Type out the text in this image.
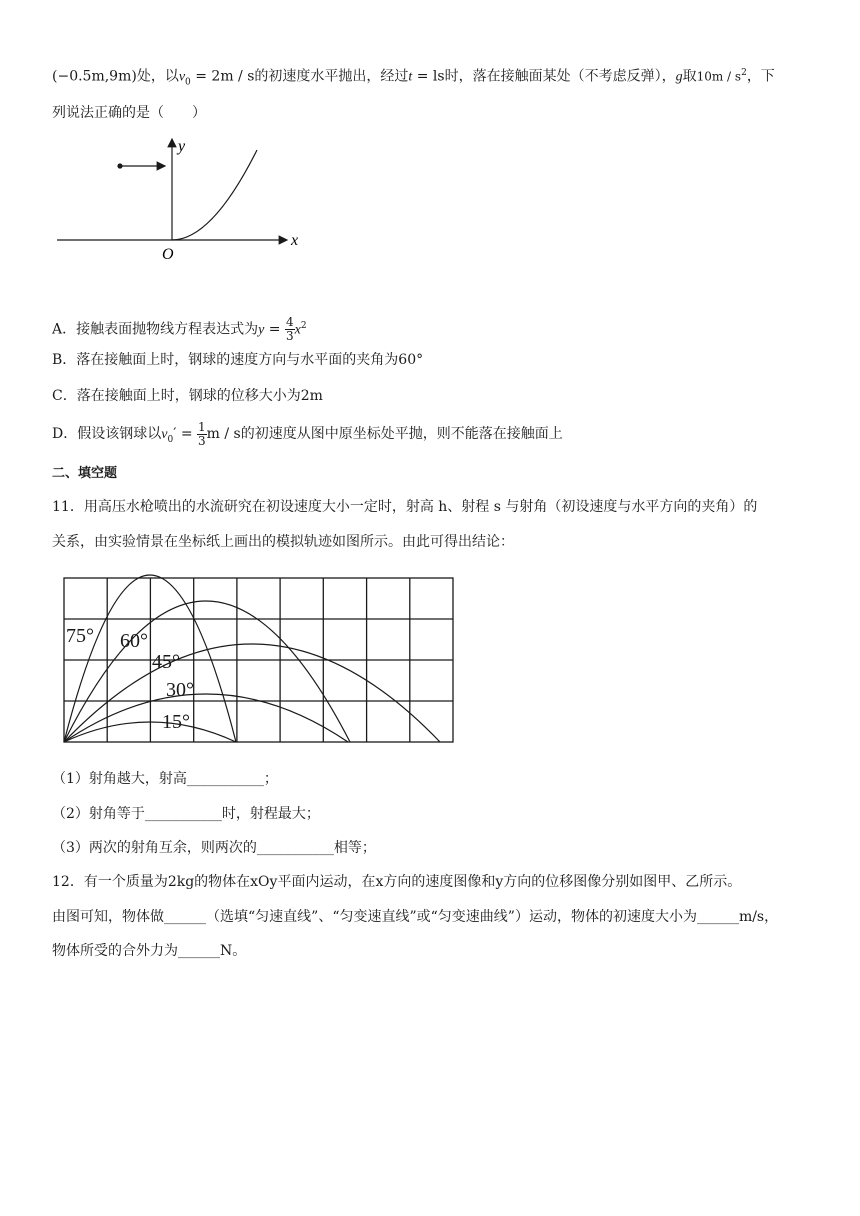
(−0.5m,9m)处，以$v_0 = 2m / s$的初速度水平抛出，经过t = ls时，落在接触面某处（不考虑反弹），g取$10m / s^2$，下
列说法正确的是（　　）
y
x
O
A．接触表面抛物线方程表达式为$y = \frac{4}{3} x^2$
B．落在接触面上时，钢球的速度方向与水平面的夹角为60°
C．落在接触面上时，钢球的位移大小为2m
D．假设该钢球以$v_0' = \frac{1}{3}$ m / s的初速度从图中原坐标处平抛，则不能落在接触面上
二、填空题
11．用高压水枪喷出的水流研究在初设速度大小一定时，射高 h、射程 s 与射角（初设速度与水平方向的夹角）的
关系，由实验情景在坐标纸上画出的模拟轨迹如图所示。由此可得出结论：
75° 60°
45°
30°
15°
（1）射角越大，射高___________；
（2）射角等于___________时，射程最大；
（3）两次的射角互余，则两次的___________相等；
12．有一个质量为2kg的物体在xOy平面内运动，在x方向的速度图像和y方向的位移图像分别如图甲、乙所示。
由图可知，物体做______（选填“匀速直线”、“匀变速直线”或“匀变速曲线”）运动，物体的初速度大小为______m/s，
物体所受的合外力为______N。
